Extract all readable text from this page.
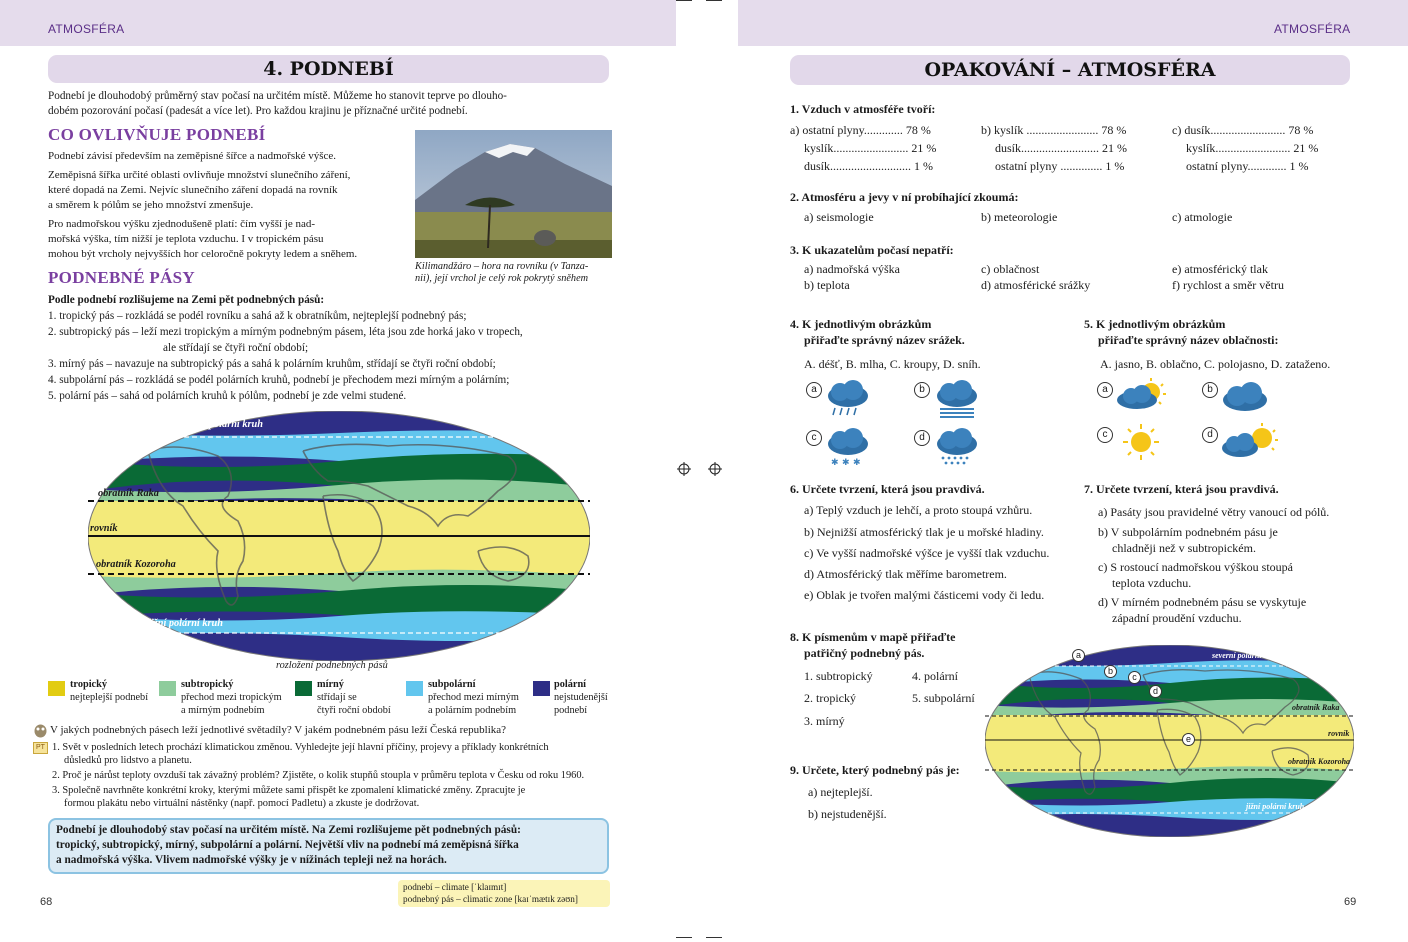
ATMOSFÉRA
4. PODNEBÍ
Podnebí je dlouhodobý průměrný stav počasí na určitém místě. Můžeme ho stanovit teprve po dlouho-
dobém pozorování počasí (padesát a více let). Pro každou krajinu je příznačné určité podnebí.
CO OVLIVŇUJE PODNEBÍ
Podnebí závisí především na zeměpisné šířce a nadmořské výšce.
Zeměpisná šířka určité oblasti ovlivňuje množství slunečního záření,
které dopadá na Zemi. Nejvíc slunečního záření dopadá na rovník
a směrem k pólům se jeho množství zmenšuje.
Pro nadmořskou výšku zjednodušeně platí: čím vyšší je nad-
mořská výška, tím nižší je teplota vzduchu. I v tropickém pásu
mohou být vrcholy nejvyšších hor celoročně pokryty ledem a sněhem.
Kilimandžáro – hora na rovníku (v Tanza-
nii), její vrchol je celý rok pokrytý sněhem
PODNEBNÉ PÁSY
Podle podnebí rozlišujeme na Zemi pět podnebných pásů:
1. tropický pás – rozkládá se podél rovníku a sahá až k obratníkům, nejteplejší podnebný pás;
2. subtropický pás – leží mezi tropickým a mírným podnebným pásem, léta jsou zde horká jako v tropech,
ale střídají se čtyři roční období;
3. mírný pás – navazuje na subtropický pás a sahá k polárním kruhům, střídají se čtyři roční období;
4. subpolární pás – rozkládá se podél polárních kruhů, podnebí je přechodem mezi mírným a polárním;
5. polární pás – sahá od polárních kruhů k pólům, podnebí je zde velmi studené.
severní polární kruh
obratník Raka
rovník
obratník Kozoroha
jižní polární kruh
rozložení podnebných pásů
tropický
nejteplejší podnebí
subtropický
přechod mezi tropickým
a mírným podnebím
mírný
střídají se
čtyři roční období
subpolární
přechod mezi mírným
a polárním podnebím
polární
nejstudenější
podnebí
V jakých podnebných pásech leží jednotlivé světadíly? V jakém podnebném pásu leží Česká republika?
PT 1. Svět v posledních letech prochází klimatickou změnou. Vyhledejte její hlavní příčiny, projevy a příklady konkrétních
důsledků pro lidstvo a planetu.
2. Proč je nárůst teploty ovzduší tak závažný problém? Zjistěte, o kolik stupňů stoupla v průměru teplota v Česku od roku 1960.
3. Společně navrhněte konkrétní kroky, kterými můžete sami přispět ke zpomalení klimatické změny. Zpracujte je
formou plakátu nebo virtuální nástěnky (např. pomocí Padletu) a zkuste je dodržovat.
Podnebí je dlouhodobý stav počasí na určitém místě. Na Zemi rozlišujeme pět podnebných pásů:
tropický, subtropický, mírný, subpolární a polární. Největší vliv na podnebí má zeměpisná šířka
a nadmořská výška. Vlivem nadmořské výšky je v nížinách tepleji než na horách.
podnebí – climate [ˈklaɪmɪt]
podnebný pás – climatic zone [kaɪˈmætɪk zəʊn]
68
ATMOSFÉRA
OPAKOVÁNÍ – ATMOSFÉRA
1. Vzduch v atmosféře tvoří:
a) ostatní plyny............. 78 %
kyslík......................... 21 %
dusík........................... 1 %
b) kyslík ........................ 78 %
dusík.......................... 21 %
ostatní plyny .............. 1 %
c) dusík......................... 78 %
kyslík......................... 21 %
ostatní plyny............. 1 %
2. Atmosféru a jevy v ní probíhající zkoumá:
a) seismologie	b) meteorologie	c) atmologie
3. K ukazatelům počasí nepatří:
a) nadmořská výška
b) teplota
c) oblačnost
d) atmosférické srážky
e) atmosférický tlak
f) rychlost a směr větru
4. K jednotlivým obrázkům
přiřaďte správný název srážek.
A. déšť, B. mlha, C. kroupy, D. sníh.
a	b
c
✱ ✱ ✱
d
5. K jednotlivým obrázkům
přiřaďte správný název oblačnosti:
A. jasno, B. oblačno, C. polojasno, D. zataženo.
a	b
c	d
6. Určete tvrzení, která jsou pravdivá.
a) Teplý vzduch je lehčí, a proto stoupá vzhůru.
b) Nejnižší atmosférický tlak je u mořské hladiny.
c) Ve vyšší nadmořské výšce je vyšší tlak vzduchu.
d) Atmosférický tlak měříme barometrem.
e) Oblak je tvořen malými částicemi vody či ledu.
7. Určete tvrzení, která jsou pravdivá.
a) Pasáty jsou pravidelné větry vanoucí od pólů.
b) V subpolárním podnebném pásu je
chladněji než v subtropickém.
c) S rostoucí nadmořskou výškou stoupá
teplota vzduchu.
d) V mírném podnebném pásu se vyskytuje
západní proudění vzduchu.
8. K písmenům v mapě přiřaďte
patřičný podnebný pás.
1. subtropický
2. tropický
3. mírný
4. polární
5. subpolární
9. Určete, který podnebný pás je:
a) nejteplejší.
b) nejstudenější.
severní polární kruh
obratník Raka
rovník
obratník Kozoroha
jižní polární kruh
a
b
c
d
e
69
